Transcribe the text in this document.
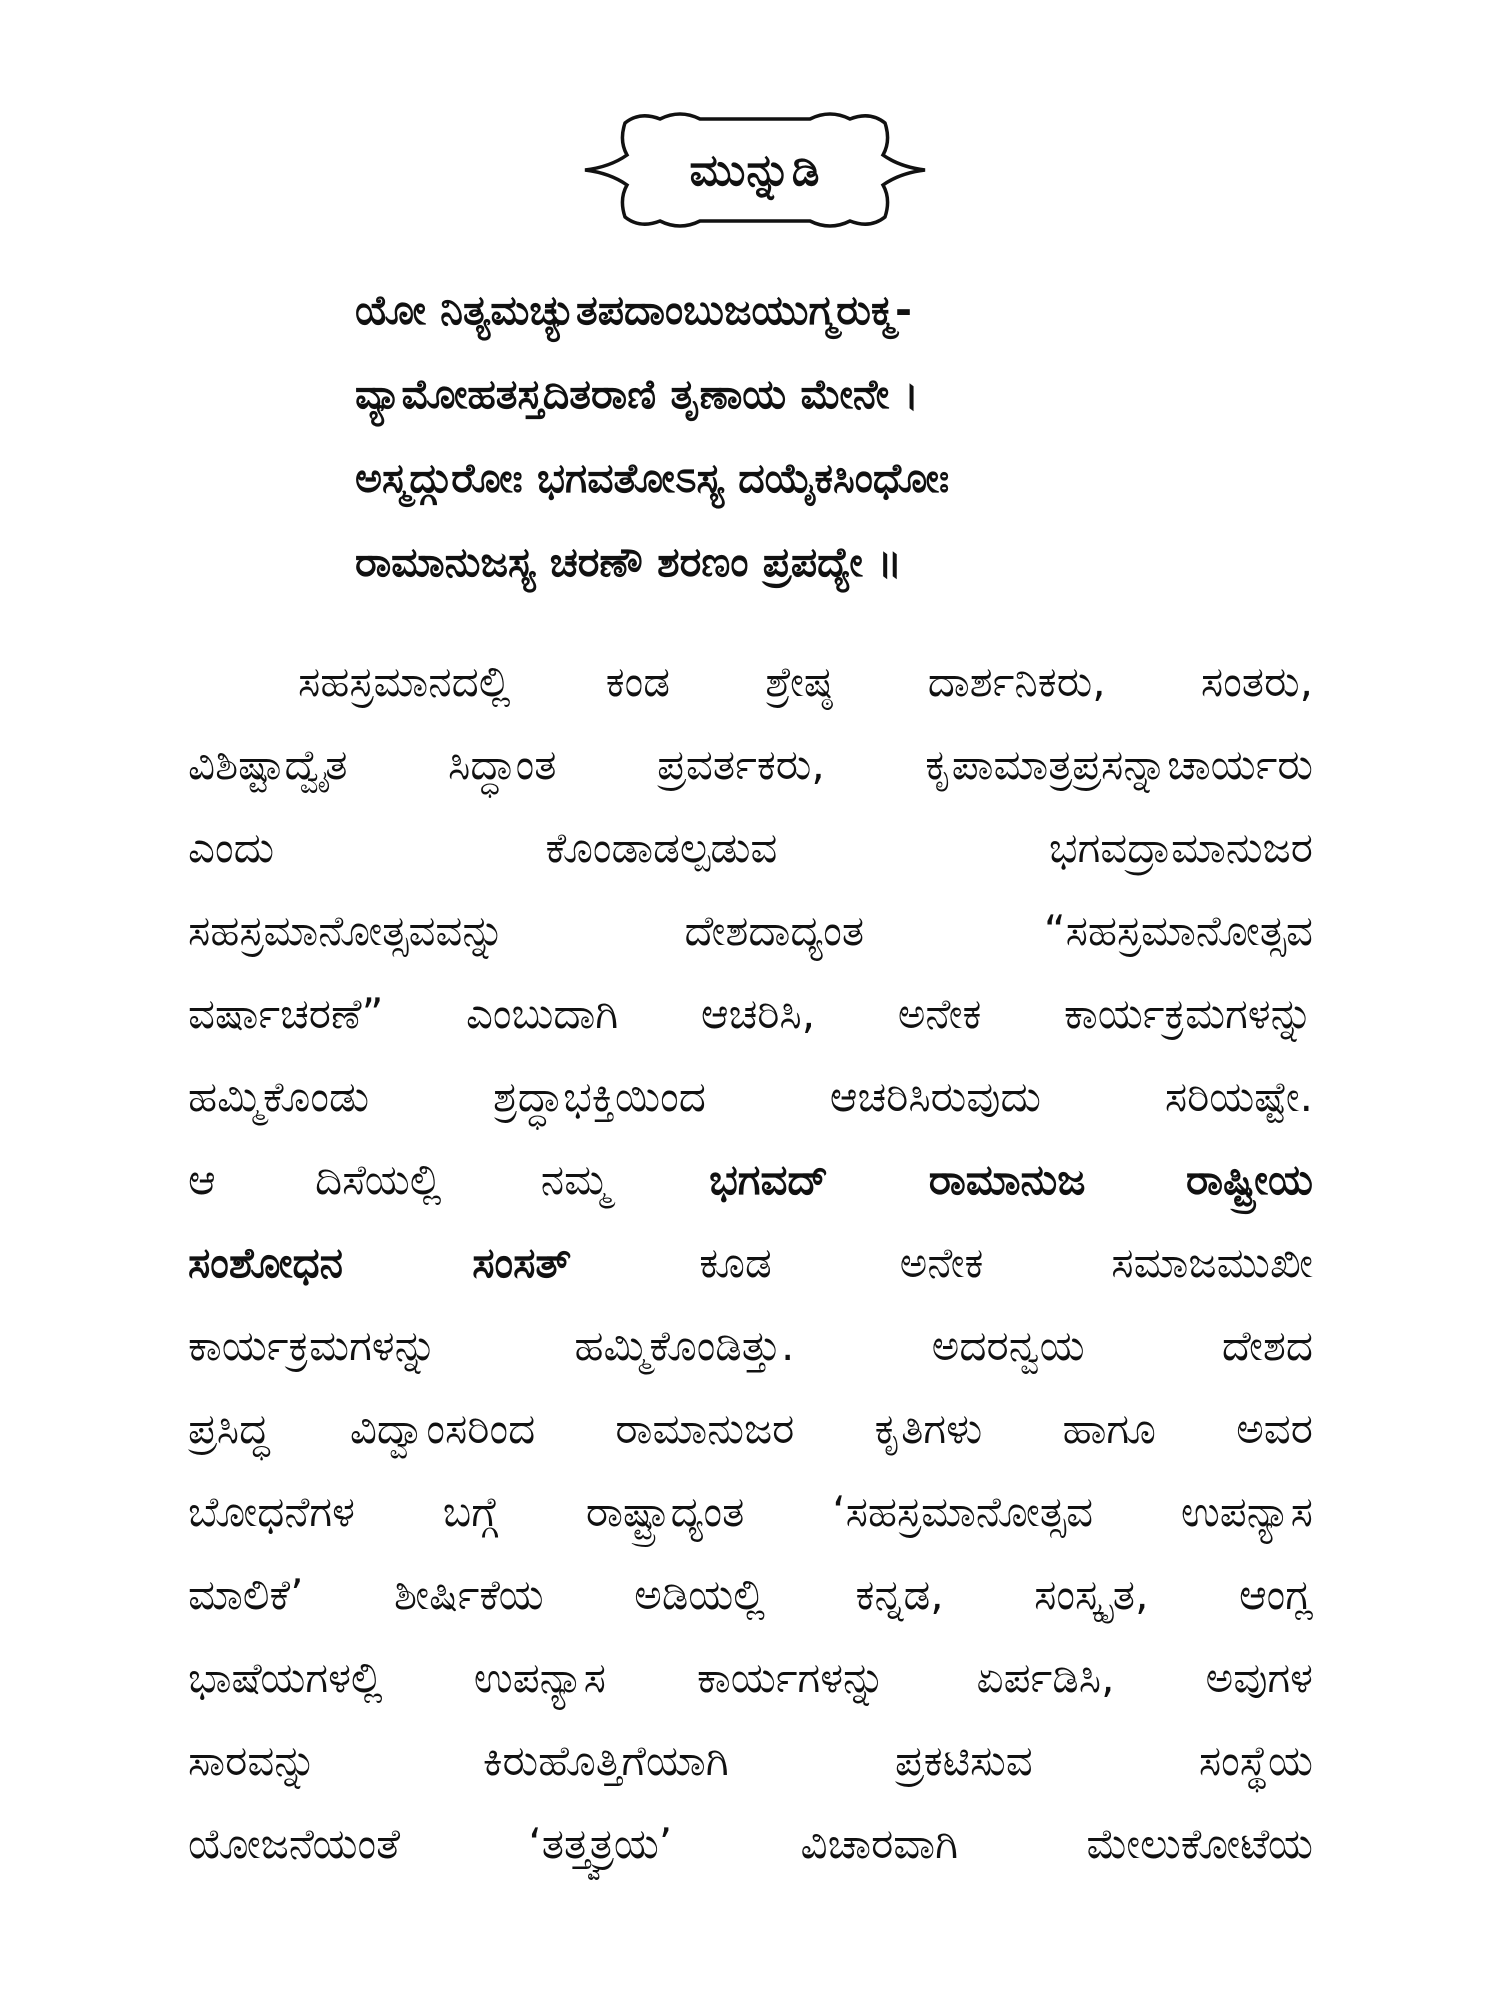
ಮುನ್ನುಡಿ
ಯೋ ನಿತ್ಯಮಚ್ಯುತಪದಾಂಬುಜಯುಗ್ಮರುಕ್ಮ-
ವ್ಯಾಮೋಹತಸ್ತದಿತರಾಣಿ ತೃಣಾಯ ಮೇನೇ ।
ಅಸ್ಮದ್ಗುರೋಃ ಭಗವತೋಽಸ್ಯ ದಯೈಕಸಿಂಧೋಃ
ರಾಮಾನುಜಸ್ಯ ಚರಣೌ ಶರಣಂ ಪ್ರಪದ್ಯೇ ॥
ಸಹಸ್ರಮಾನದಲ್ಲಿ ಕಂಡ ಶ್ರೇಷ್ಠ ದಾರ್ಶನಿಕರು, ಸಂತರು,
ವಿಶಿಷ್ಟಾದ್ವೈತ ಸಿದ್ಧಾಂತ ಪ್ರವರ್ತಕರು, ಕೃಪಾಮಾತ್ರಪ್ರಸನ್ನಾಚಾರ್ಯರು
ಎಂದು ಕೊಂಡಾಡಲ್ಪಡುವ ಭಗವದ್ರಾಮಾನುಜರ
ಸಹಸ್ರಮಾನೋತ್ಸವವನ್ನು ದೇಶದಾದ್ಯಂತ “ಸಹಸ್ರಮಾನೋತ್ಸವ
ವರ್ಷಾಚರಣೆ” ಎಂಬುದಾಗಿ ಆಚರಿಸಿ, ಅನೇಕ ಕಾರ್ಯಕ್ರಮಗಳನ್ನು
ಹಮ್ಮಿಕೊಂಡು ಶ್ರದ್ಧಾಭಕ್ತಿಯಿಂದ ಆಚರಿಸಿರುವುದು ಸರಿಯಷ್ಟೇ.
ಆ ದಿಸೆಯಲ್ಲಿ ನಮ್ಮ ಭಗವದ್ ರಾಮಾನುಜ ರಾಷ್ಟ್ರೀಯ
ಸಂಶೋಧನ ಸಂಸತ್ ಕೂಡ ಅನೇಕ ಸಮಾಜಮುಖೀ
ಕಾರ್ಯಕ್ರಮಗಳನ್ನು ಹಮ್ಮಿಕೊಂಡಿತ್ತು. ಅದರನ್ವಯ ದೇಶದ
ಪ್ರಸಿದ್ಧ ವಿದ್ವಾಂಸರಿಂದ ರಾಮಾನುಜರ ಕೃತಿಗಳು ಹಾಗೂ ಅವರ
ಬೋಧನೆಗಳ ಬಗ್ಗೆ ರಾಷ್ಟ್ರಾದ್ಯಂತ ‘ಸಹಸ್ರಮಾನೋತ್ಸವ ಉಪನ್ಯಾಸ
ಮಾಲಿಕೆ’ ಶೀರ್ಷಿಕೆಯ ಅಡಿಯಲ್ಲಿ ಕನ್ನಡ, ಸಂಸ್ಕೃತ, ಆಂಗ್ಲ
ಭಾಷೆಯಗಳಲ್ಲಿ ಉಪನ್ಯಾಸ ಕಾರ್ಯಗಳನ್ನು ಏರ್ಪಡಿಸಿ, ಅವುಗಳ
ಸಾರವನ್ನು ಕಿರುಹೊತ್ತಿಗೆಯಾಗಿ ಪ್ರಕಟಿಸುವ ಸಂಸ್ಥೆಯ
ಯೋಜನೆಯಂತೆ ‘ತತ್ತ್ವತ್ರಯ’ ವಿಚಾರವಾಗಿ ಮೇಲುಕೋಟೆಯ
